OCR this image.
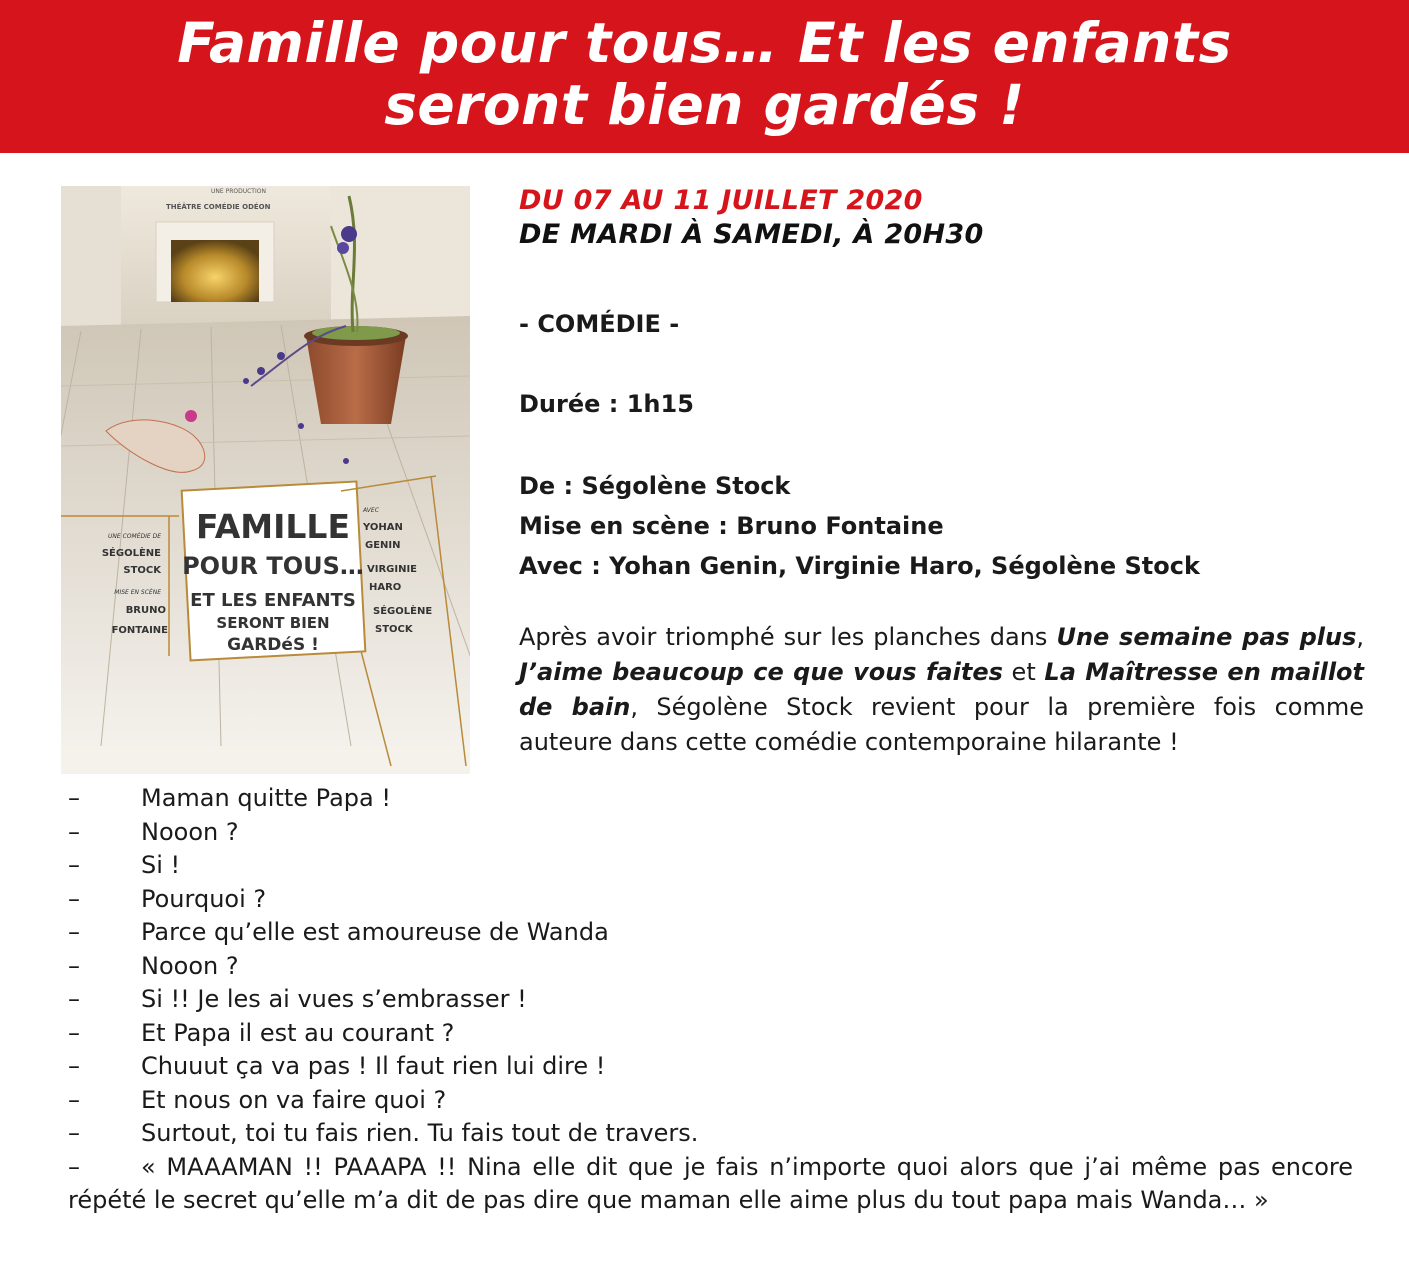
Famille pour tous… Et les enfants
seront bien gardés !
UNE PRODUCTION
THÉÂTRE COMÉDIE ODÉON
FAMILLE
POUR TOUS…
ET LES ENFANTS
SERONT BIEN
GARDéS !
UNE COMÉDIE DE
SÉGOLÈNE
STOCK
MISE EN SCÈNE
BRUNO
FONTAINE
AVEC
YOHAN
GENIN
VIRGINIE
HARO
SÉGOLÈNE
STOCK
DU 07 AU 11 JUILLET 2020
DE MARDI À SAMEDI, À 20H30
- COMÉDIE -
Durée : 1h15
De : Ségolène Stock
Mise en scène : Bruno Fontaine
Avec : Yohan Genin, Virginie Haro, Ségolène Stock
Après avoir triomphé sur les planches dans Une semaine pas plus, J’aime beaucoup ce que vous faites et La Maîtresse en maillot de bain, Ségolène Stock revient pour la première fois comme auteure dans cette comédie contemporaine hilarante !
–	Maman quitte Papa !
–	Nooon ?
–	Si !
–	Pourquoi ?
–	Parce qu’elle est amoureuse de Wanda
–	Nooon ?
–	Si !! Je les ai vues s’embrasser !
–	Et Papa il est au courant ?
–	Chuuut ça va pas ! Il faut rien lui dire !
–	Et nous on va faire quoi ?
–	Surtout, toi tu fais rien. Tu fais tout de travers.
–	« MAAAMAN !! PAAAPA !! Nina elle dit que je fais n’importe quoi alors que j’ai même pas encore répété le secret qu’elle m’a dit de pas dire que maman elle aime plus du tout papa mais Wanda… »
